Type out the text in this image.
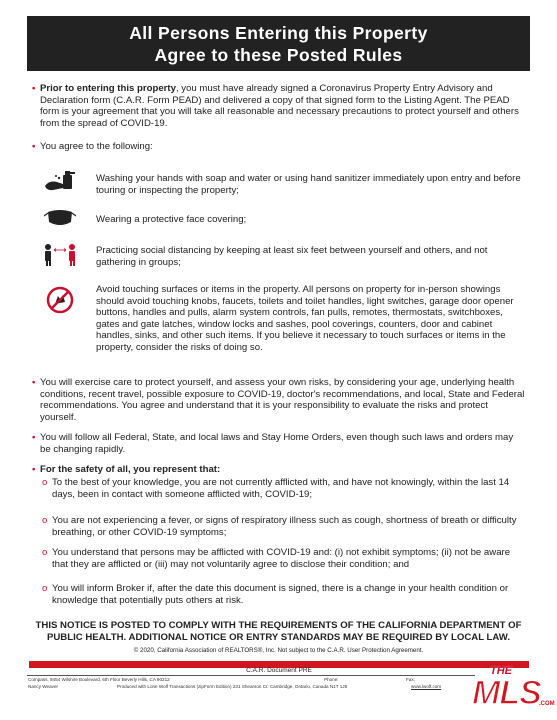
All Persons Entering this Property
Agree to these Posted Rules
• Prior to entering this property, you must have already signed a Coronavirus Property Entry Advisory and Declaration form (C.A.R. Form PEAD) and delivered a copy of that signed form to the Listing Agent. The PEAD form is your agreement that you will take all reasonable and necessary precautions to protect yourself and others from the spread of COVID-19.
• You agree to the following:
Washing your hands with soap and water or using hand sanitizer immediately upon entry and before touring or inspecting the property;
Wearing a protective face covering;
Practicing social distancing by keeping at least six feet between yourself and others, and not gathering in groups;
Avoid touching surfaces or items in the property. All persons on property for in-person showings should avoid touching knobs, faucets, toilets and toilet handles, light switches, garage door opener buttons, handles and pulls, alarm system controls, fan pulls, remotes, thermostats, switchboxes, gates and gate latches, window locks and sashes, pool coverings, counters, door and cabinet handles, sinks, and other such items. If you believe it necessary to touch surfaces or items in the property, consider the risks of doing so.
• You will exercise care to protect yourself, and assess your own risks, by considering your age, underlying health conditions, recent travel, possible exposure to COVID-19, doctor's recommendations, and local, State and Federal recommendations. You agree and understand that it is your responsibility to evaluate the risks and protect yourself.
• You will follow all Federal, State, and local laws and Stay Home Orders, even though such laws and orders may be changing rapidly.
• For the safety of all, you represent that:
o To the best of your knowledge, you are not currently afflicted with, and have not knowingly, within the last 14 days, been in contact with someone afflicted with, COVID-19;
o You are not experiencing a fever, or signs of respiratory illness such as cough, shortness of breath or difficulty breathing, or other COVID-19 symptoms;
o You understand that persons may be afflicted with COVID-19 and: (i) not exhibit symptoms; (ii) not be aware that they are afflicted or (iii) may not voluntarily agree to disclose their condition; and
o You will inform Broker if, after the date this document is signed, there is a change in your health condition or knowledge that potentially puts others at risk.
THIS NOTICE IS POSTED TO COMPLY WITH THE REQUIREMENTS OF THE CALIFORNIA DEPARTMENT OF
PUBLIC HEALTH. ADDITIONAL NOTICE OR ENTRY STANDARDS MAY BE REQUIRED BY LOCAL LAW.
© 2020, California Association of REALTORS®, Inc. Not subject to the C.A.R. User Protection Agreement.
C.A.R. Document PRE
Compass, 9454 Wilshire Boulevard, 6th Floor Beverly Hills, CA 90212	Phone:	Fax:
Nancy Weaver	Produced with Lone Wolf Transactions (zipForm Edition) 231 Shearson Cr. Cambridge, Ontario, Canada N1T 1J5	www.lwolf.com
THE
MLS
.COM
